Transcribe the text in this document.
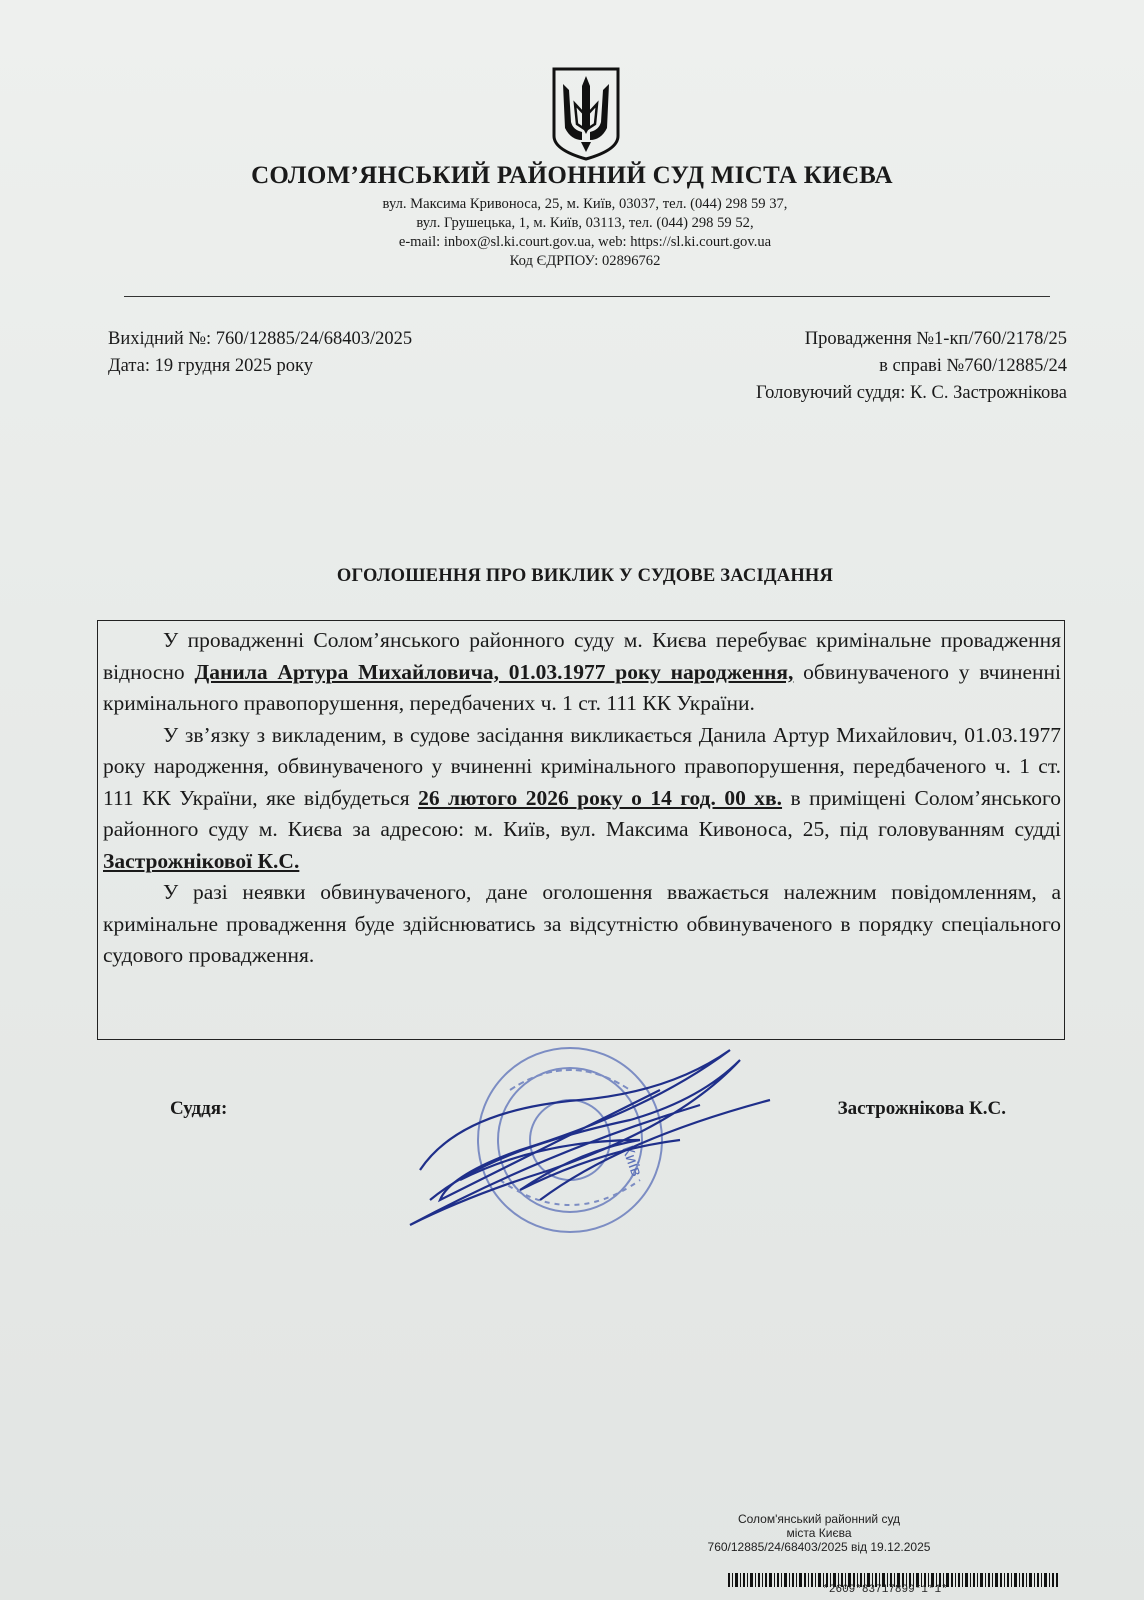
СОЛОМ’ЯНСЬКИЙ РАЙОННИЙ СУД МІСТА КИЄВА
вул. Максима Кривоноса, 25, м. Київ, 03037, тел. (044) 298 59 37,
вул. Грушецька, 1, м. Київ, 03113, тел. (044) 298 59 52,
e-mail: inbox@sl.ki.court.gov.ua, web: https://sl.ki.court.gov.ua
Код ЄДРПОУ: 02896762
Вихідний №: 760/12885/24/68403/2025
Дата: 19 грудня 2025 року
Провадження №1-кп/760/2178/25
в справі №760/12885/24
Головуючий суддя: К. С. Застрожнікова
ОГОЛОШЕННЯ ПРО ВИКЛИК У СУДОВЕ ЗАСІДАННЯ

У провадженні Солом’янського районного суду м. Києва перебуває кримінальне провадження відносно Данила Артура Михайловича, 01.03.1977 року народження, обвинуваченого у вчиненні кримінального правопорушення, передбачених ч. 1 ст. 111 КК України.

У зв’язку з викладеним, в судове засідання викликається Данила Артур Михайлович, 01.03.1977 року народження, обвинуваченого у вчиненні кримінального правопорушення, передбаченого ч. 1 ст. 111 КК України, яке відбудеться 26 лютого 2026 року о 14 год. 00 хв. в приміщені Солом’янського районного суду м. Києва за адресою: м. Київ, вул. Максима Кивоноса, 25, під головуванням судді Застрожнікової К.С.

У разі неявки обвинуваченого, дане оголошення вважається належним повідомленням, а кримінальне провадження буде здійснюватись за відсутністю обвинуваченого в порядку спеціального судового провадження.

Київ
Суддя:	Застрожнікова К.С.
Солом'янський районний суд
міста Києва
760/12885/24/68403/2025 від 19.12.2025
*2609*83717899*1*1*
